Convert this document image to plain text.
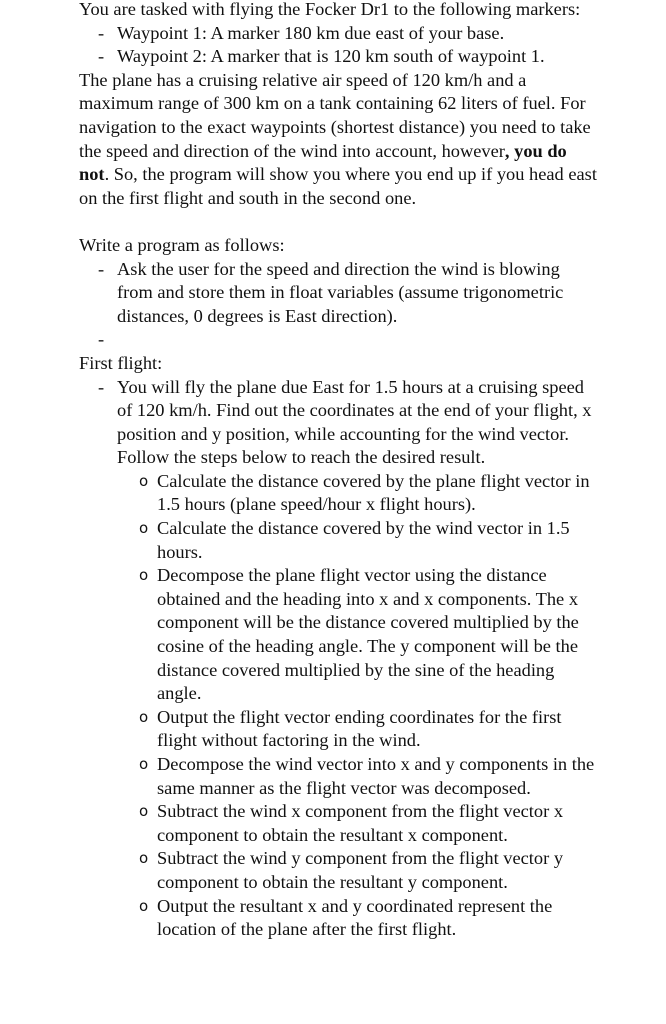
You are tasked with flying the Focker Dr1 to the following markers:

- Waypoint 1: A marker 180 km due east of your base.
- Waypoint 2: A marker that is 120 km south of waypoint 1.

The plane has a cruising relative air speed of 120 km/h and a maximum range of 300 km on a tank containing 62 liters of fuel. For navigation to the exact waypoints (shortest distance) you need to take the speed and direction of the wind into account, however, you do not. So, the program will show you where you end up if you head east on the first flight and south in the second one.

Write a program as follows:

- Ask the user for the speed and direction the wind is blowing from and store them in float variables (assume trigonometric distances, 0 degrees is East direction).
-

First flight:

- You will fly the plane due East for 1.5 hours at a cruising speed of 120 km/h. Find out the coordinates at the end of your flight, x position and y position, while accounting for the wind vector. Follow the steps below to reach the desired result.
o Calculate the distance covered by the plane flight vector in 1.5 hours (plane speed/hour x flight hours).
o Calculate the distance covered by the wind vector in 1.5 hours.
o Decompose the plane flight vector using the distance obtained and the heading into x and x components. The x component will be the distance covered multiplied by the cosine of the heading angle. The y component will be the distance covered multiplied by the sine of the heading angle.
o Output the flight vector ending coordinates for the first flight without factoring in the wind.
o Decompose the wind vector into x and y components in the same manner as the flight vector was decomposed.
o Subtract the wind x component from the flight vector x component to obtain the resultant x component.
o Subtract the wind y component from the flight vector y component to obtain the resultant y component.
o Output the resultant x and y coordinated represent the location of the plane after the first flight.
